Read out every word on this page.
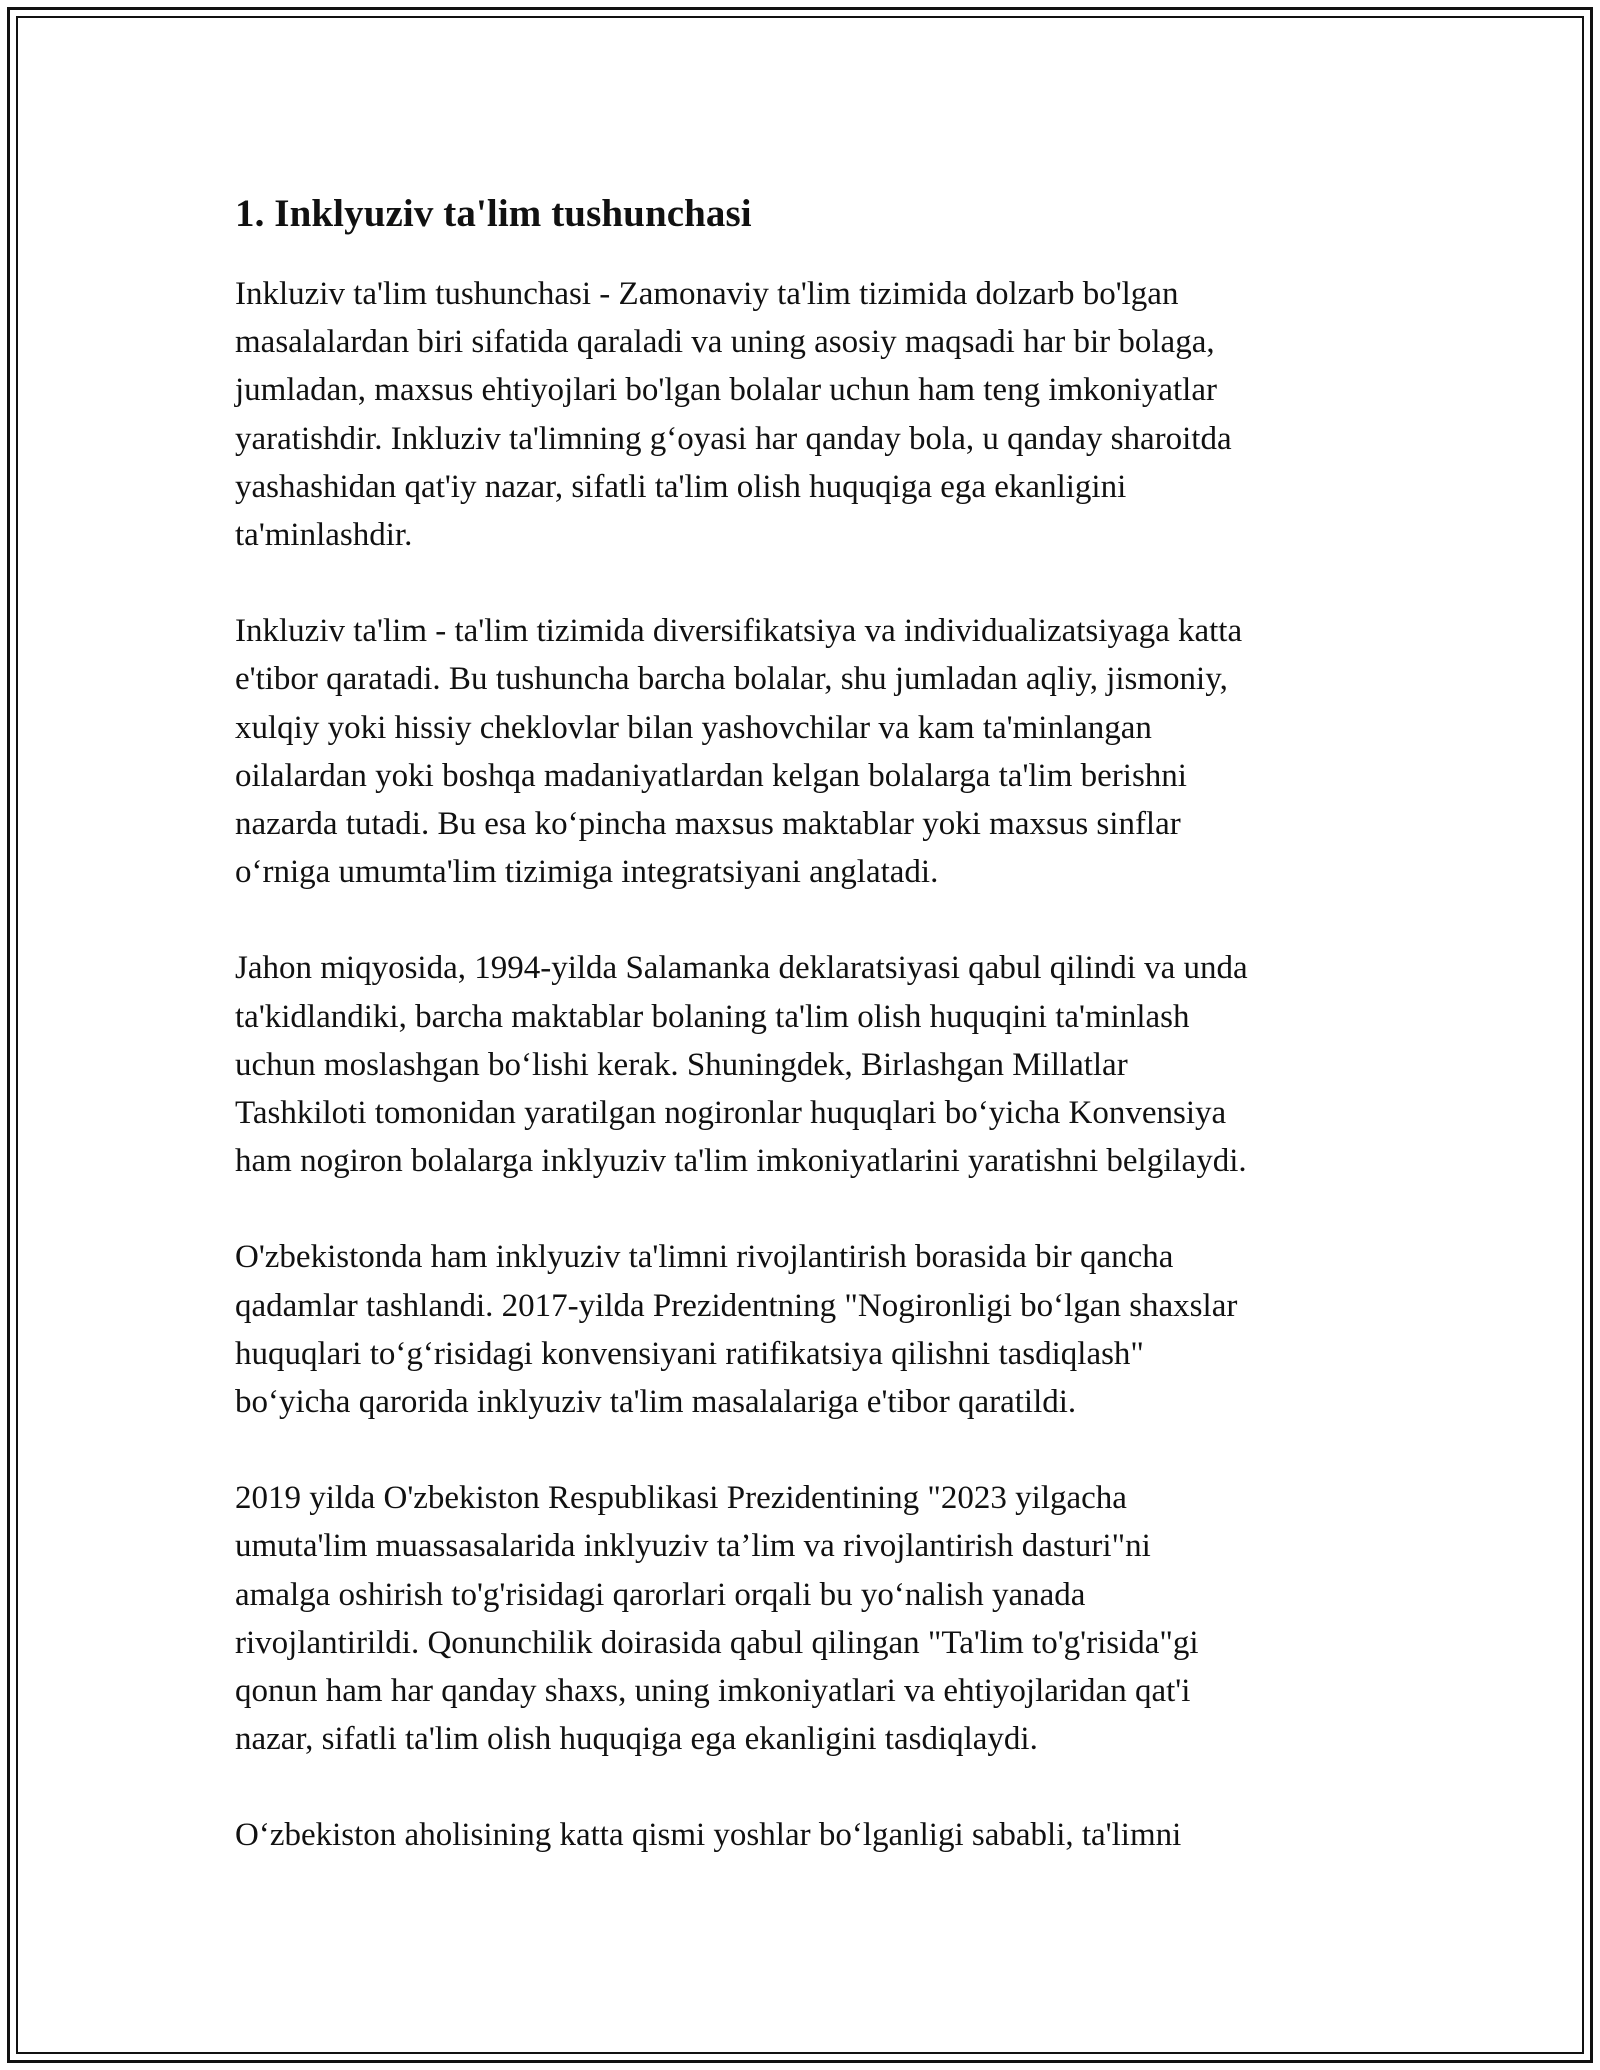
1. Inklyuziv ta'lim tushunchasi

Inkluziv ta'lim tushunchasi - Zamonaviy ta'lim tizimida dolzarb bo'lgan
masalalardan biri sifatida qaraladi va uning asosiy maqsadi har bir bolaga,
jumladan, maxsus ehtiyojlari bo'lgan bolalar uchun ham teng imkoniyatlar
yaratishdir. Inkluziv ta'limning g‘oyasi har qanday bola, u qanday sharoitda
yashashidan qat'iy nazar, sifatli ta'lim olish huquqiga ega ekanligini
ta'minlashdir.

Inkluziv ta'lim - ta'lim tizimida diversifikatsiya va individualizatsiyaga katta
e'tibor qaratadi. Bu tushuncha barcha bolalar, shu jumladan aqliy, jismoniy,
xulqiy yoki hissiy cheklovlar bilan yashovchilar va kam ta'minlangan
oilalardan yoki boshqa madaniyatlardan kelgan bolalarga ta'lim berishni
nazarda tutadi. Bu esa ko‘pincha maxsus maktablar yoki maxsus sinflar
o‘rniga umumta'lim tizimiga integratsiyani anglatadi.

Jahon miqyosida, 1994-yilda Salamanka deklaratsiyasi qabul qilindi va unda
ta'kidlandiki, barcha maktablar bolaning ta'lim olish huquqini ta'minlash
uchun moslashgan bo‘lishi kerak. Shuningdek, Birlashgan Millatlar
Tashkiloti tomonidan yaratilgan nogironlar huquqlari bo‘yicha Konvensiya
ham nogiron bolalarga inklyuziv ta'lim imkoniyatlarini yaratishni belgilaydi.

O'zbekistonda ham inklyuziv ta'limni rivojlantirish borasida bir qancha
qadamlar tashlandi. 2017-yilda Prezidentning "Nogironligi bo‘lgan shaxslar
huquqlari to‘g‘risidagi konvensiyani ratifikatsiya qilishni tasdiqlash"
bo‘yicha qarorida inklyuziv ta'lim masalalariga e'tibor qaratildi.

2019 yilda O'zbekiston Respublikasi Prezidentining "2023 yilgacha
umuta'lim muassasalarida inklyuziv ta’lim va rivojlantirish dasturi"ni
amalga oshirish to'g'risidagi qarorlari orqali bu yo‘nalish yanada
rivojlantirildi. Qonunchilik doirasida qabul qilingan "Ta'lim to'g'risida"gi
qonun ham har qanday shaxs, uning imkoniyatlari va ehtiyojlaridan qat'i
nazar, sifatli ta'lim olish huquqiga ega ekanligini tasdiqlaydi.

O‘zbekiston aholisining katta qismi yoshlar bo‘lganligi sababli, ta'limni
